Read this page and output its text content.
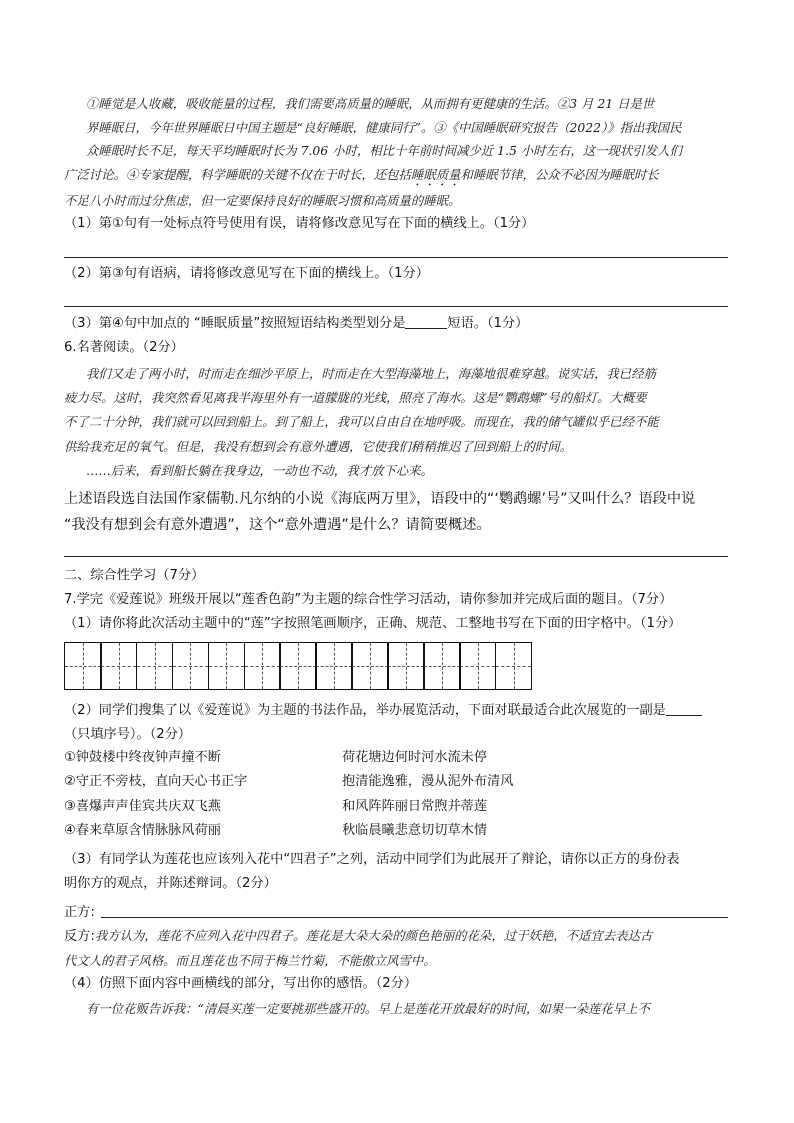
①睡觉是人收藏，吸收能量的过程，我们需要高质量的睡眠，从而拥有更健康的生活。②3 月 21 日是世
界睡眠日，今年世界睡眠日中国主题是“良好睡眠，健康同行”。③《中国睡眠研究报告（2022）》指出我国民
众睡眠时长不足，每天平均睡眠时长为 7.06 小时，相比十年前时间减少近 1.5 小时左右，这一现状引发人们
广泛讨论。④专家提醒，科学睡眠的关键不仅在于时长，还包括睡眠质量和睡眠节律，公众不必因为睡眠时长
不足八小时而过分焦虑，但一定要保持良好的睡眠习惯和高质量的睡眠。
（1）第①句有一处标点符号使用有误，请将修改意见写在下面的横线上。（1分）
（2）第③句有语病，请将修改意见写在下面的横线上。（1分）
（3）第④句中加点的 “睡眠质量”按照短语结构类型划分是	短语。（1分）
6.名著阅读。（2分）
我们又走了两小时，时而走在细沙平原上，时而走在大型海藻地上，海藻地很难穿越。说实话，我已经筋
疲力尽。这时，我突然看见离我半海里外有一道朦胧的光线，照亮了海水。这是“鹦鹉螺”号的船灯。大概要
不了二十分钟，我们就可以回到船上。到了船上，我可以自由自在地呼吸。而现在，我的储气罐似乎已经不能
供给我充足的氧气。但是，我没有想到会有意外遭遇，它使我们稍稍推迟了回到船上的时间。
……后来，看到船长躺在我身边，一动也不动，我才放下心来。
上述语段选自法国作家儒勒.凡尔纳的小说《海底两万里》，语段中的“‘鹦鹉螺’号”又叫什么？语段中说
“我没有想到会有意外遭遇”，这个“意外遭遇”是什么？请简要概述。
二、综合性学习（7分）
7.学完《爱莲说》班级开展以“莲香色韵”为主题的综合性学习活动，请你参加并完成后面的题目。（7分）
（1）请你将此次活动主题中的“莲”字按照笔画顺序，正确、规范、工整地书写在下面的田字格中。（1分）
（2）同学们搜集了以《爱莲说》为主题的书法作品，举办展览活动，下面对联最适合此次展览的一副是
（只填序号）。（2分）
①钟鼓楼中终夜钟声撞不断	荷花塘边何时河水流未停
②守正不旁枝，直向天心书正字	抱清能逸雅，漫从泥外布清风
③喜爆声声佳宾共庆双飞燕	和风阵阵丽日常煦并蒂莲
④春来草原含情脉脉风荷丽	秋临晨曦悲意切切草木情
（3）有同学认为莲花也应该列入花中“四君子”之列，活动中同学们为此展开了辩论，请你以正方的身份表
明你方的观点，并陈述辩词。（2分）
正方:
反方:我方认为，莲花不应列入花中四君子。莲花是大朵大朵的颜色艳丽的花朵，过于妖艳，不适宜去表达古
代文人的君子风格。而且莲花也不同于梅兰竹菊，不能傲立风雪中。
（4）仿照下面内容中画横线的部分，写出你的感悟。（2分）
有一位花贩告诉我：“清晨买莲一定要挑那些盛开的。早上是莲花开放最好的时间，如果一朵莲花早上不
